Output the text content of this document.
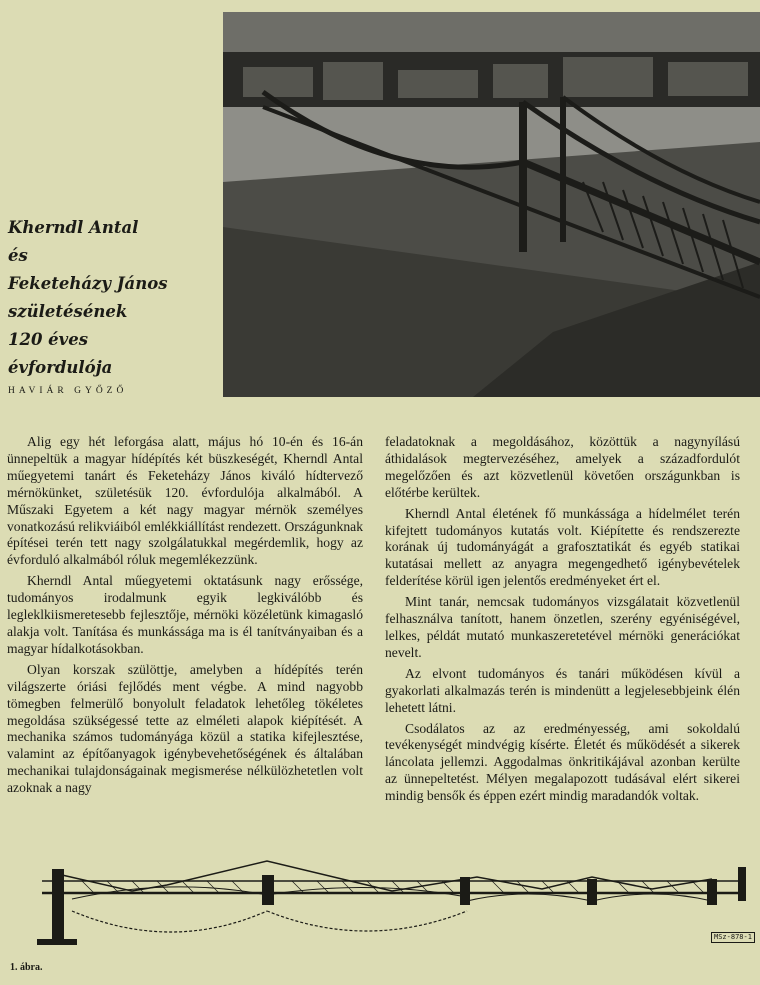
Kherndl Antal
és
Feketeházy János
születésének
120 éves
évfordulója

HAVIÁR GYŐZŐ

Alig egy hét leforgása alatt, május hó 10-én és 16-án ünnepeltük a magyar hídépítés két büszkeségét, Kherndl Antal műegyetemi tanárt és Feketeházy János kiváló hídtervező mérnökünket, születésük 120. évfordulója alkalmából. A Műszaki Egyetem a két nagy magyar mérnök személyes vonatkozású relikviáiból emlékkiállítást rendezett. Országunknak építései terén tett nagy szolgálatukkal megérdemlik, hogy az évforduló alkalmából róluk megemlékezzünk.

Kherndl Antal műegyetemi oktatásunk nagy erőssége, tudományos irodalmunk egyik legkiválóbb és legleklkiismeretesebb fejlesztője, mérnöki közéletünk kimagasló alakja volt. Tanítása és munkássága ma is él tanítványaiban és a magyar hídalkotásokban.

Olyan korszak szülöttje, amelyben a hídépítés terén világszerte óriási fejlődés ment végbe. A mind nagyobb tömegben felmerülő bonyolult feladatok lehetőleg tökéletes megoldása szükségessé tette az elméleti alapok kiépítését. A mechanika számos tudományága közül a statika kifejlesztése, valamint az építőanyagok igénybevehetőségének és általában mechanikai tulajdonságainak megismerése nélkülözhetetlen volt azoknak a nagy

feladatoknak a megoldásához, közöttük a nagynyílású áthidalások megtervezéséhez, amelyek a századfordulót megelőzően és azt közvetlenül követően országunkban is előtérbe kerültek.

Kherndl Antal életének fő munkássága a hídelmélet terén kifejtett tudományos kutatás volt. Kiépítette és rendszerezte korának új tudományágát a grafosztatikát és egyéb statikai kutatásai mellett az anyagra megengedhető igénybevételek felderítése körül igen jelentős eredményeket ért el.

Mint tanár, nemcsak tudományos vizsgálatait közvetlenül felhasználva tanított, hanem önzetlen, szerény egyéniségével, lelkes, példát mutató munkaszeretetével mérnöki generációkat nevelt.

Az elvont tudományos és tanári működésen kívül a gyakorlati alkalmazás terén is mindenütt a legjelesebbjeink élén lehetett látni.

Csodálatos az az eredményesség, ami sokoldalú tevékenységét mindvégig kísérte. Életét és működését a sikerek láncolata jellemzi. Aggodalmas önkritikájával azonban kerülte az ünnepeltetést. Mélyen megalapozott tudásával elért sikerei mindig bensők és éppen ezért mindig maradandók voltak.

MSz-878-1

1. ábra.
